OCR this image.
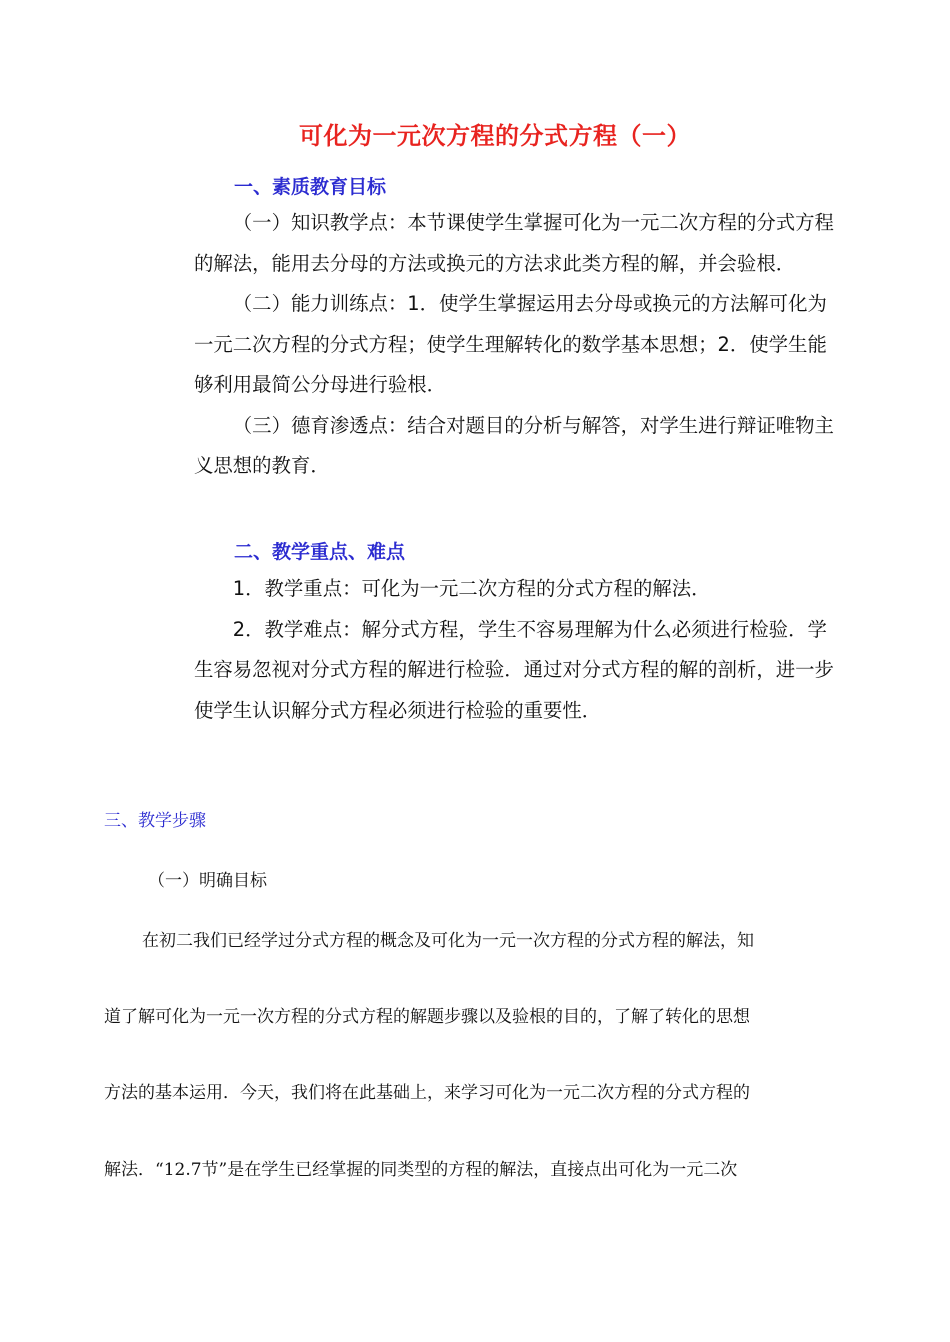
可化为一元次方程的分式方程（一）
一、素质教育目标

（一）知识教学点：本节课使学生掌握可化为一元二次方程的分式方程的解法，能用去分母的方法或换元的方法求此类方程的解，并会验根．

（二）能力训练点：1．使学生掌握运用去分母或换元的方法解可化为一元二次方程的分式方程；使学生理解转化的数学基本思想；2．使学生能够利用最简公分母进行验根．

（三）德育渗透点：结合对题目的分析与解答，对学生进行辩证唯物主义思想的教育．

二、教学重点、难点

1．教学重点：可化为一元二次方程的分式方程的解法．

2．教学难点：解分式方程，学生不容易理解为什么必须进行检验．学生容易忽视对分式方程的解进行检验．通过对分式方程的解的剖析，进一步使学生认识解分式方程必须进行检验的重要性．

三、教学步骤
（一）明确目标
在初二我们已经学过分式方程的概念及可化为一元一次方程的分式方程的解法，知
道了解可化为一元一次方程的分式方程的解题步骤以及验根的目的，了解了转化的思想
方法的基本运用．今天，我们将在此基础上，来学习可化为一元二次方程的分式方程的
解法．“12.7节”是在学生已经掌握的同类型的方程的解法，直接点出可化为一元二次
